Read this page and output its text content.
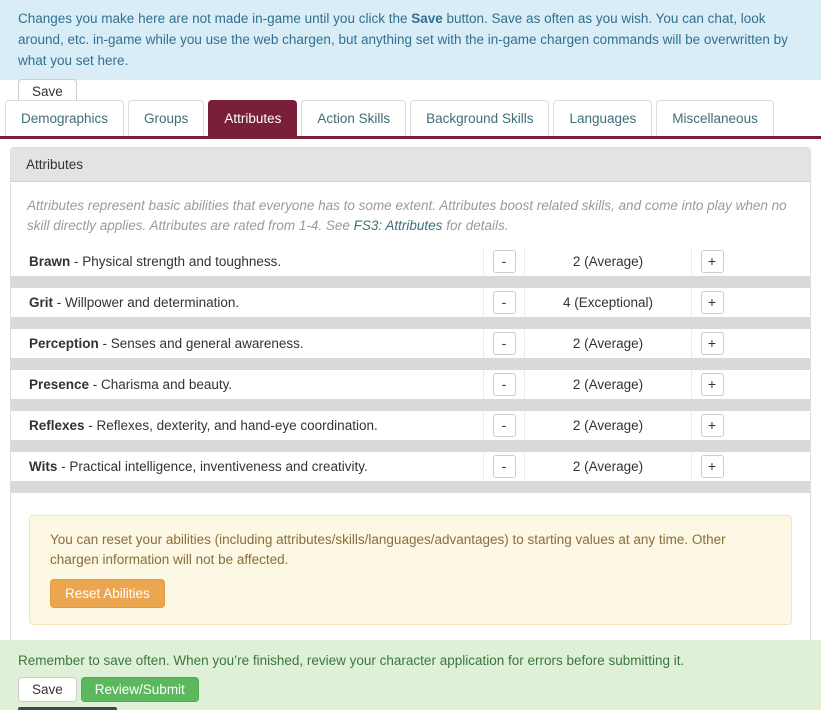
Changes you make here are not made in-game until you click the Save button. Save as often as you wish. You can chat, look around, etc. in-game while you use the web chargen, but anything set with the in-game chargen commands will be overwritten by what you set here.
Save
Demographics	Groups	Attributes	Action Skills	Background Skills	Languages	Miscellaneous
Attributes
Attributes represent basic abilities that everyone has to some extent. Attributes boost related skills, and come into play when no skill directly applies. Attributes are rated from 1-4. See FS3: Attributes for details.
Brawn - Physical strength and toughness.	-	2 (Average)	+
Grit - Willpower and determination.	-	4 (Exceptional)	+
Perception - Senses and general awareness.	-	2 (Average)	+
Presence - Charisma and beauty.	-	2 (Average)	+
Reflexes - Reflexes, dexterity, and hand-eye coordination.	-	2 (Average)	+
Wits - Practical intelligence, inventiveness and creativity.	-	2 (Average)	+
You can reset your abilities (including attributes/skills/languages/advantages) to starting values at any time. Other chargen information will not be affected.
Reset Abilities
Remember to save often. When you’re finished, review your character application for errors before submitting it.
Save	Review/Submit
